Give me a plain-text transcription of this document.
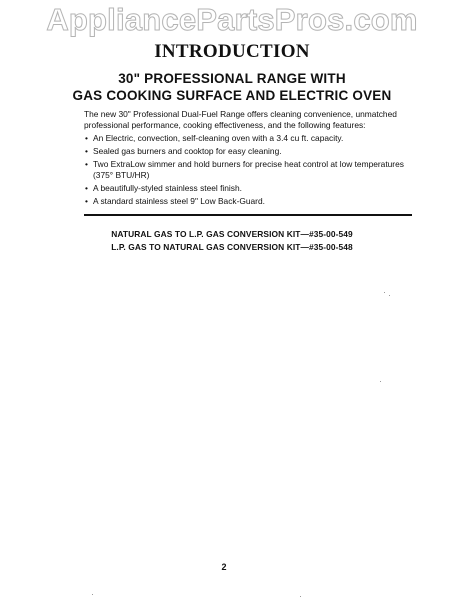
AppliancePartsPros.com
INTRODUCTION
30" PROFESSIONAL RANGE WITH
GAS COOKING SURFACE AND ELECTRIC OVEN

The new 30" Professional Dual-Fuel Range offers cleaning convenience, unmatched professional performance, cooking effectiveness, and the following features:

• An Electric, convection, self-cleaning oven with a 3.4 cu ft. capacity.
• Sealed gas burners and cooktop for easy cleaning.
• Two ExtraLow simmer and hold burners for precise heat control at low temperatures (375° BTU/HR)
• A beautifully-styled stainless steel finish.
• A standard stainless steel 9" Low Back-Guard.
NATURAL GAS TO L.P. GAS CONVERSION KIT—#35-00-549
L.P. GAS TO NATURAL GAS CONVERSION KIT—#35-00-548
2
